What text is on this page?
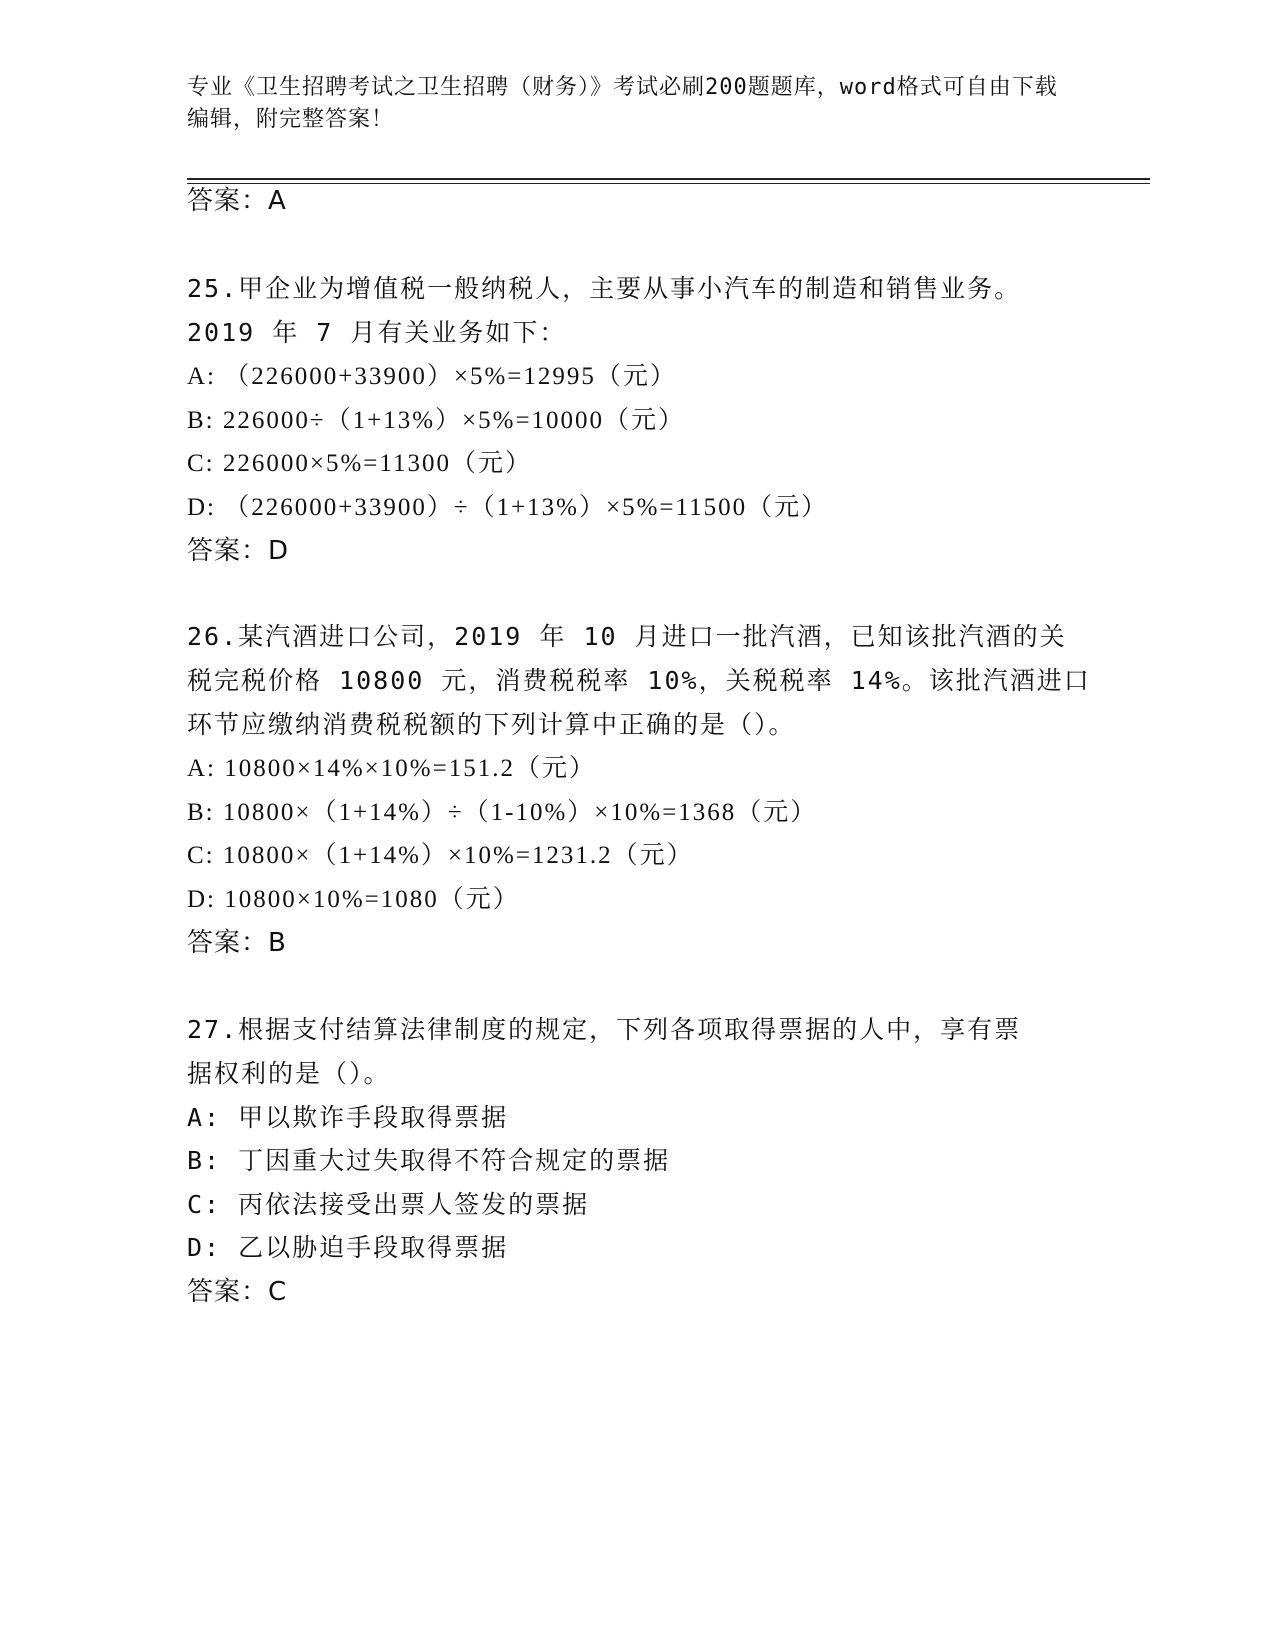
专业《卫生招聘考试之卫生招聘（财务）》考试必刷200题题库，word格式可自由下载编辑，附完整答案！
答案：A
25.甲企业为增值税一般纳税人，主要从事小汽车的制造和销售业务。
2019 年 7 月有关业务如下：
A: （226000+33900）×5%=12995（元）
B: 226000÷（1+13%）×5%=10000（元）
C: 226000×5%=11300（元）
D: （226000+33900）÷（1+13%）×5%=11500（元）
答案：D
26.某汽酒进口公司，2019 年 10 月进口一批汽酒，已知该批汽酒的关
税完税价格 10800 元，消费税税率 10%，关税税率 14%。该批汽酒进口
环节应缴纳消费税税额的下列计算中正确的是（）。
A: 10800×14%×10%=151.2（元）
B: 10800×（1+14%）÷（1-10%）×10%=1368（元）
C: 10800×（1+14%）×10%=1231.2（元）
D: 10800×10%=1080（元）
答案：B
27.根据支付结算法律制度的规定，下列各项取得票据的人中，享有票
据权利的是（）。
A: 甲以欺诈手段取得票据
B: 丁因重大过失取得不符合规定的票据
C: 丙依法接受出票人签发的票据
D: 乙以胁迫手段取得票据
答案：C
